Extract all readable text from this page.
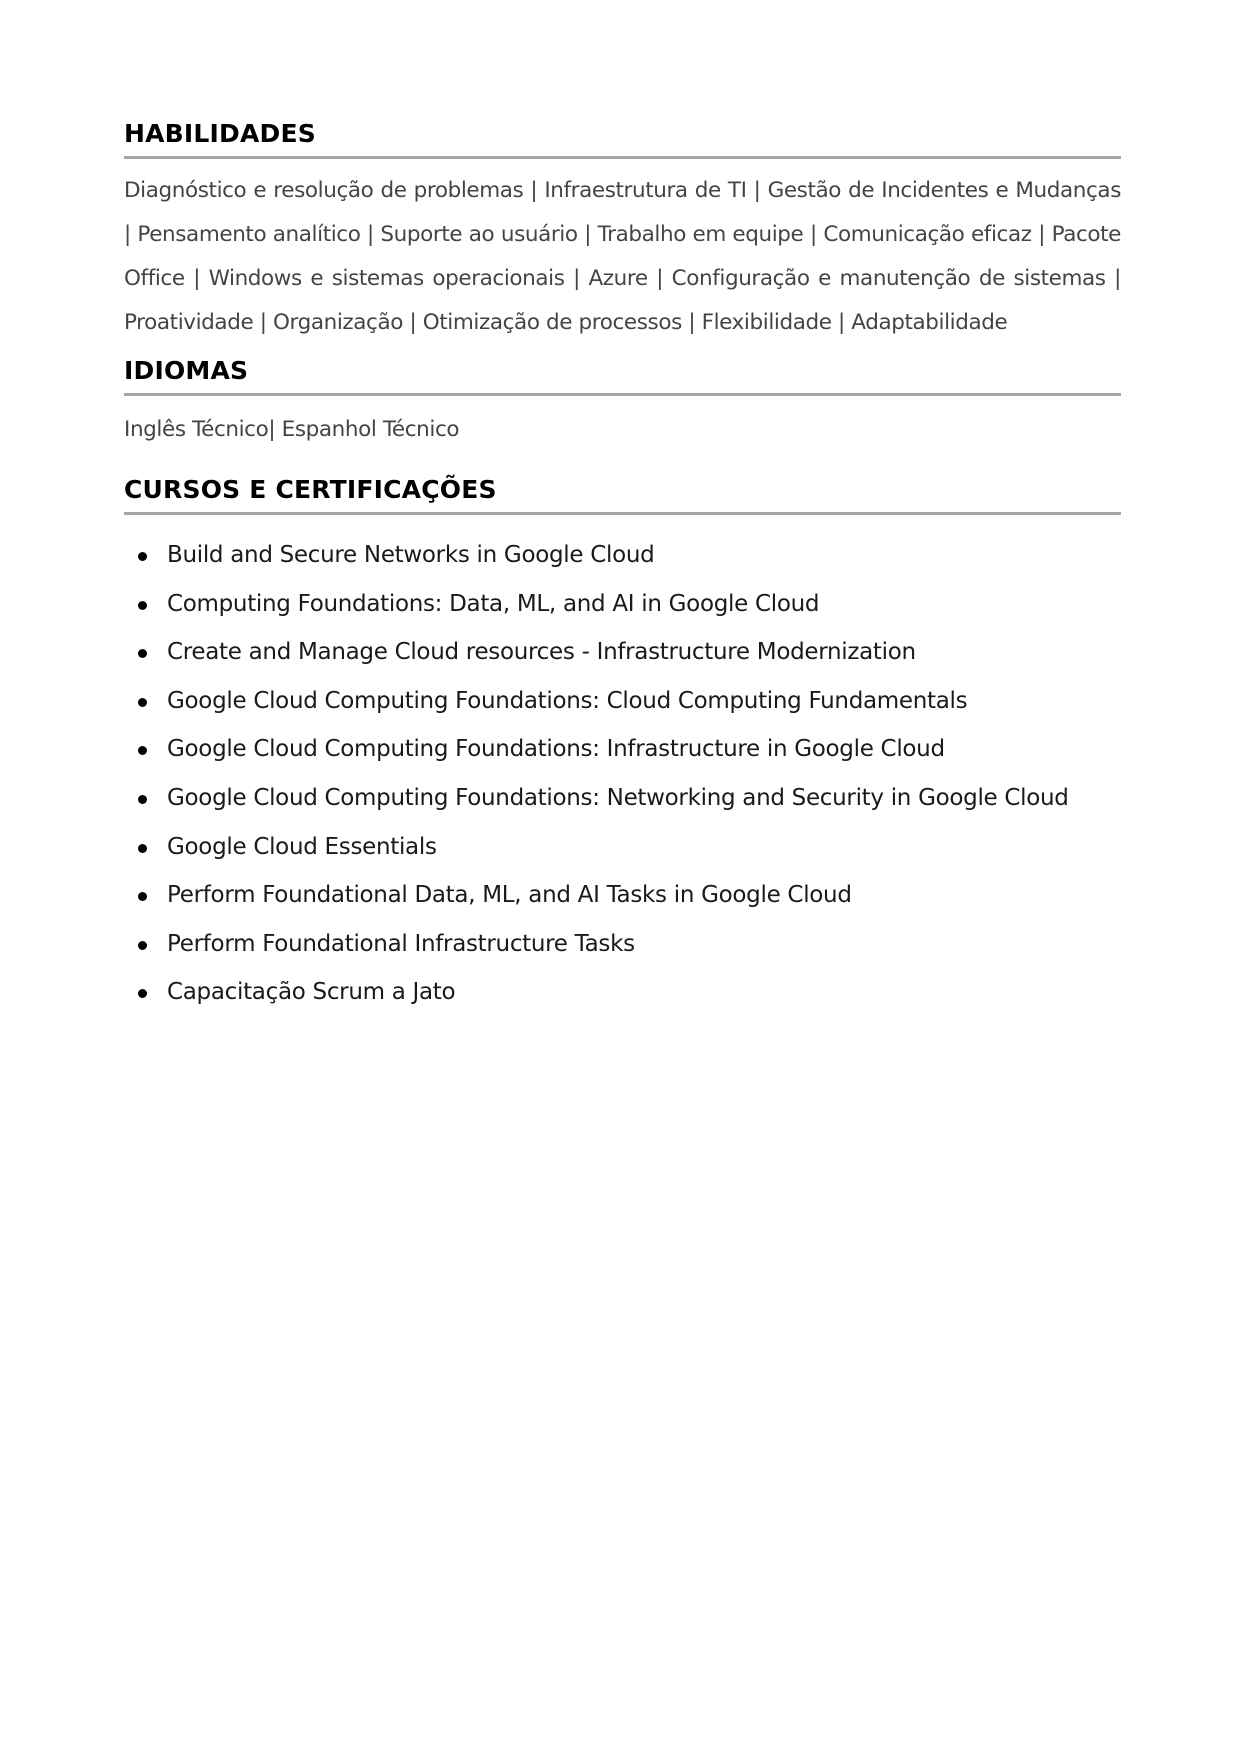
HABILIDADES

Diagnóstico e resolução de problemas | Infraestrutura de TI | Gestão de Incidentes e Mudanças | Pensamento analítico | Suporte ao usuário | Trabalho em equipe | Comunicação eficaz | Pacote Office | Windows e sistemas operacionais | Azure | Configuração e manutenção de sistemas | Proatividade | Organização | Otimização de processos | Flexibilidade | Adaptabilidade

IDIOMAS

Inglês Técnico| Espanhol Técnico

CURSOS E CERTIFICAÇÕES
Build and Secure Networks in Google Cloud
Computing Foundations: Data, ML, and AI in Google Cloud
Create and Manage Cloud resources - Infrastructure Modernization
Google Cloud Computing Foundations: Cloud Computing Fundamentals
Google Cloud Computing Foundations: Infrastructure in Google Cloud
Google Cloud Computing Foundations: Networking and Security in Google Cloud
Google Cloud Essentials
Perform Foundational Data, ML, and AI Tasks in Google Cloud
Perform Foundational Infrastructure Tasks
Capacitação Scrum a Jato
